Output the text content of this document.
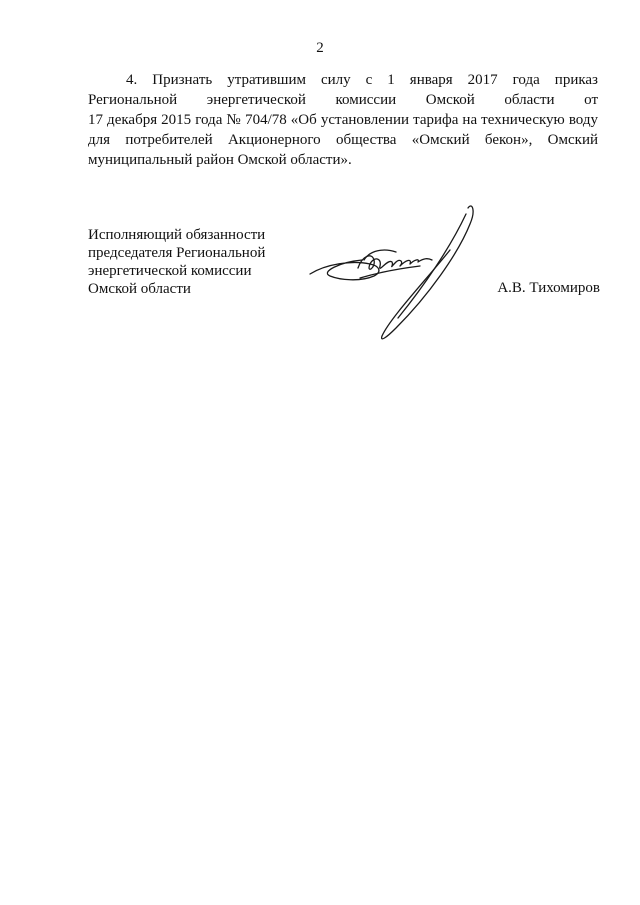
2
4. Признать утратившим силу с 1 января 2017 года приказ
Региональной энергетической комиссии Омской области от
17 декабря 2015 года № 704/78 «Об установлении тарифа на техническую воду
для потребителей Акционерного общества «Омский бекон», Омский
муниципальный район Омской области».
Исполняющий обязанности
председателя Региональной
энергетической комиссии
Омской области	А.В. Тихомиров
